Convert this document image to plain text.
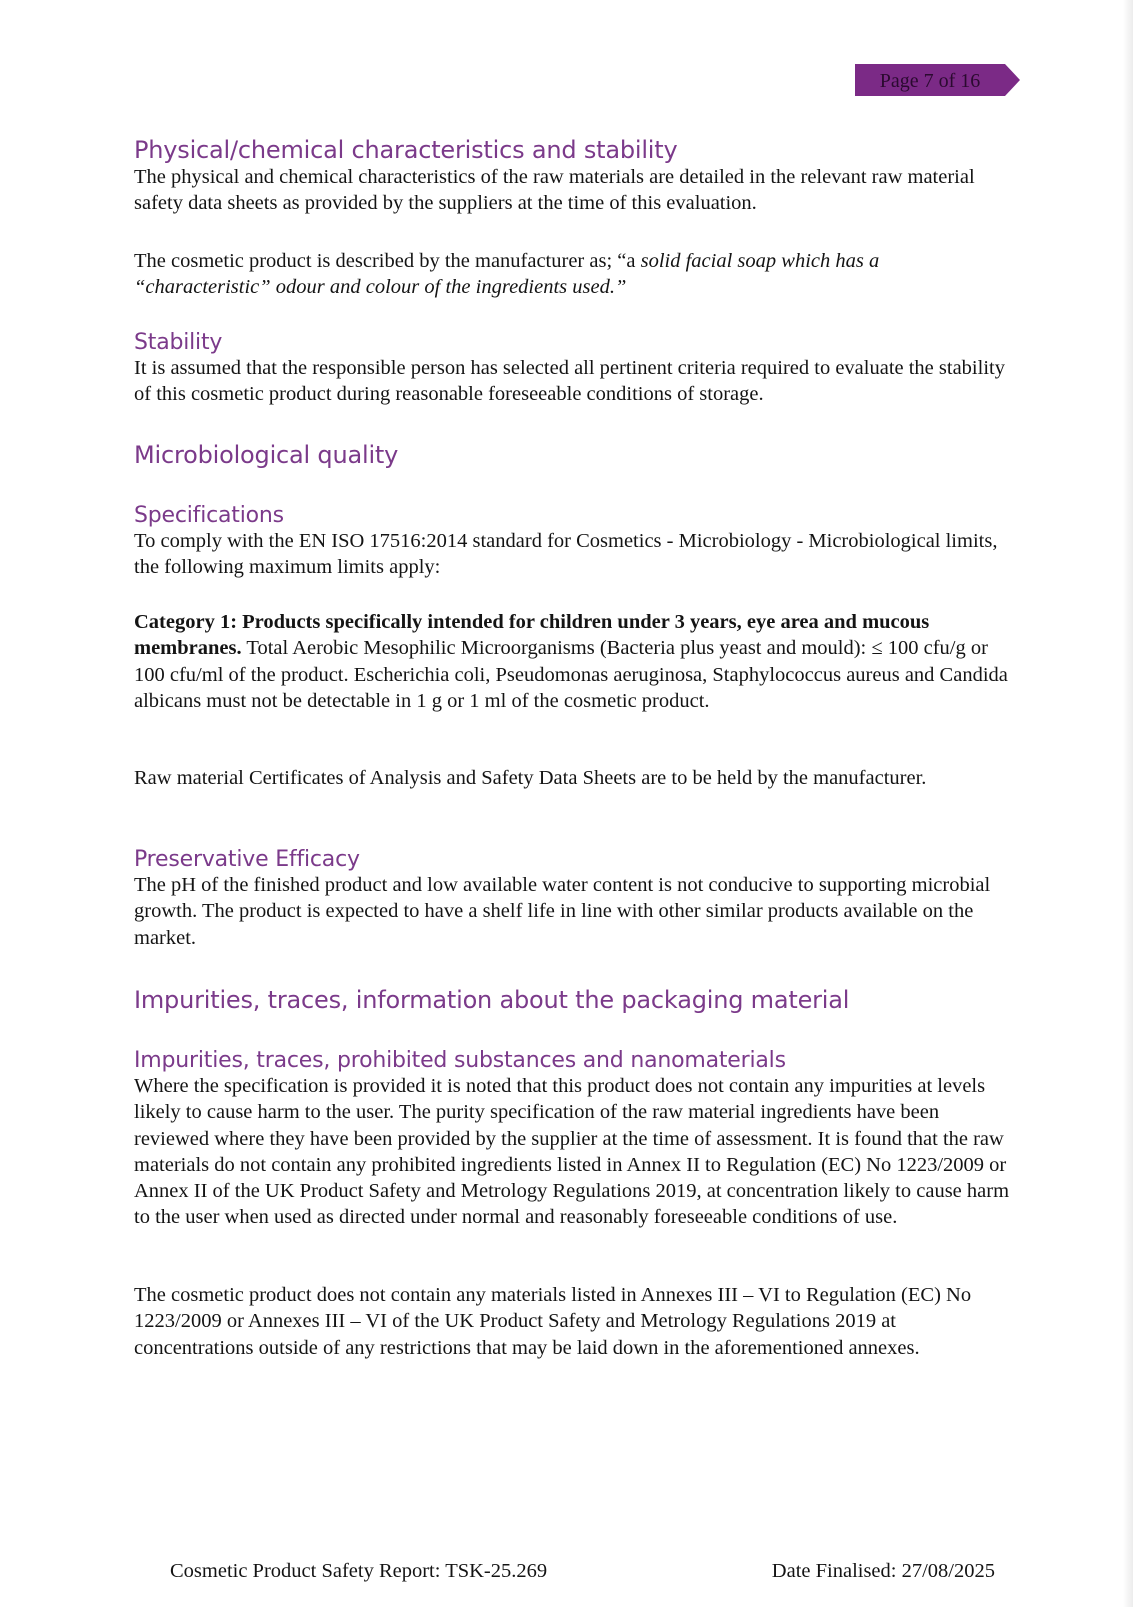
Page 7 of 16
Physical/chemical characteristics and stability

The physical and chemical characteristics of the raw materials are detailed in the relevant raw material safety data sheets as provided by the suppliers at the time of this evaluation.

The cosmetic product is described by the manufacturer as; “a solid facial soap which has a “characteristic” odour and colour of the ingredients used.”

Stability

It is assumed that the responsible person has selected all pertinent criteria required to evaluate the stability of this cosmetic product during reasonable foreseeable conditions of storage.

Microbiological quality
Specifications

To comply with the EN ISO 17516:2014 standard for Cosmetics - Microbiology - Microbiological limits, the following maximum limits apply:

Category 1: Products specifically intended for children under 3 years, eye area and mucous membranes. Total Aerobic Mesophilic Microorganisms (Bacteria plus yeast and mould): ≤ 100 cfu/g or 100 cfu/ml of the product. Escherichia coli, Pseudomonas aeruginosa, Staphylococcus aureus and Candida albicans must not be detectable in 1 g or 1 ml of the cosmetic product.

Raw material Certificates of Analysis and Safety Data Sheets are to be held by the manufacturer.

Preservative Efficacy

The pH of the finished product and low available water content is not conducive to supporting microbial growth. The product is expected to have a shelf life in line with other similar products available on the market.

Impurities, traces, information about the packaging material
Impurities, traces, prohibited substances and nanomaterials

Where the specification is provided it is noted that this product does not contain any impurities at levels likely to cause harm to the user. The purity specification of the raw material ingredients have been reviewed where they have been provided by the supplier at the time of assessment. It is found that the raw materials do not contain any prohibited ingredients listed in Annex II to Regulation (EC) No 1223/2009 or Annex II of the UK Product Safety and Metrology Regulations 2019, at concentration likely to cause harm to the user when used as directed under normal and reasonably foreseeable conditions of use.

The cosmetic product does not contain any materials listed in Annexes III – VI to Regulation (EC) No 1223/2009 or Annexes III – VI of the UK Product Safety and Metrology Regulations 2019 at concentrations outside of any restrictions that may be laid down in the aforementioned annexes.

Cosmetic Product Safety Report: TSK-25.269	Date Finalised: 27/08/2025
